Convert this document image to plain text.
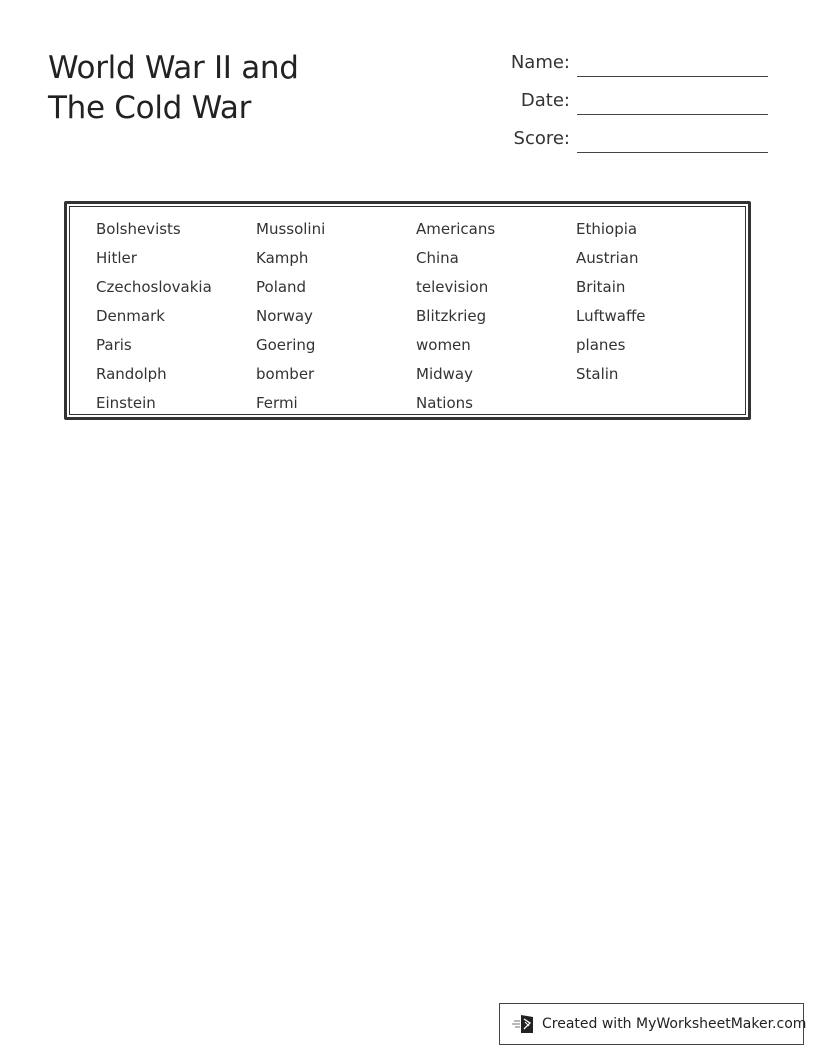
World War II and
The Cold War
Name:
Date:
Score:
Bolshevists	Mussolini	Americans	Ethiopia
Hitler	Kamph	China	Austrian
Czechoslovakia	Poland	television	Britain
Denmark	Norway	Blitzkrieg	Luftwaffe
Paris	Goering	women	planes
Randolph	bomber	Midway	Stalin
Einstein	Fermi	Nations
Created with MyWorksheetMaker.com
